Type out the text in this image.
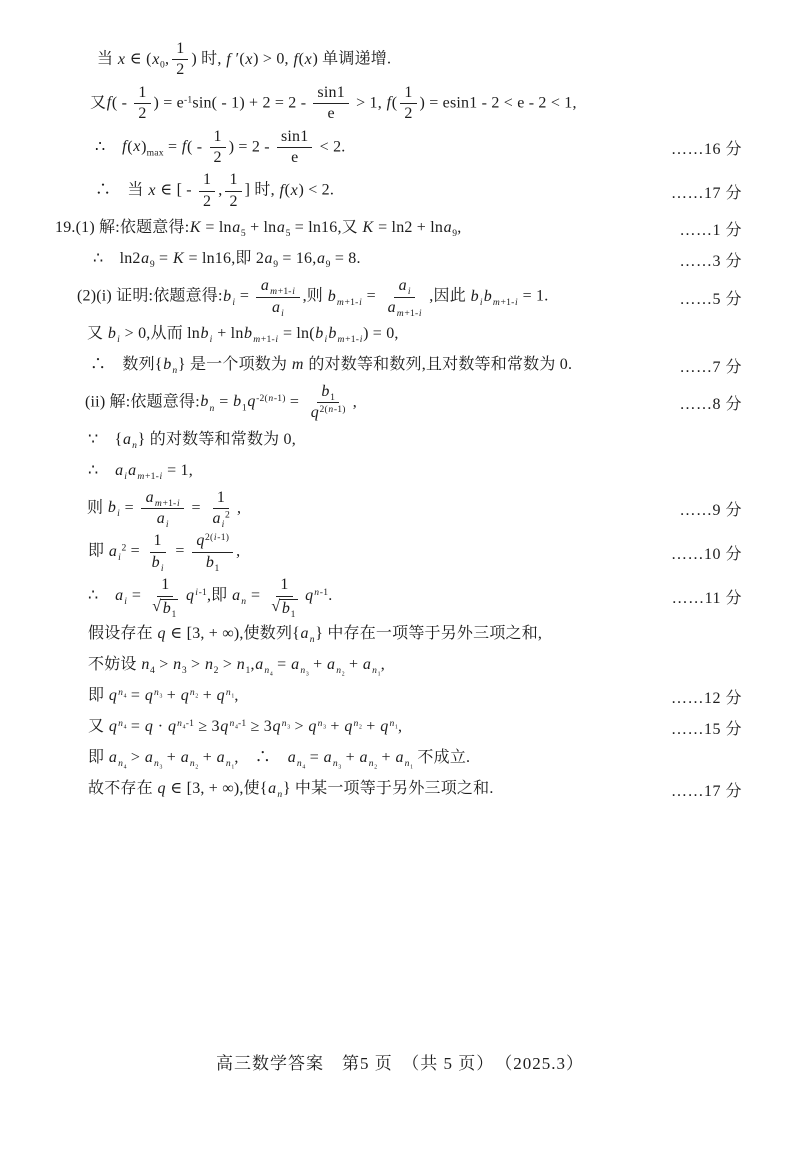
当 x ∈ ($x_0$, $\frac{1}{2}$ ) 时, f ′(x) > 0, f(x) 单调递增.
又$f( - \frac{1}{2}$ ) = $e^{-1}\sin( - 1) + 2 = 2 - \frac{\sin 1}{e} > 1$, $f( \frac{1}{2}$ ) = esin1 - 2 < e - 2 < 1,
∴　$f(x)_{max} = f( - \frac{1}{2}$ ) = $2 - \frac{\sin 1}{e} < 2$.	……16 分
∴　当 x ∈ [ - $\frac{1}{2}$ , $\frac{1}{2}$ ] 时, f(x) < 2.	……17 分
19.(1) 解:依题意得:K = lna$_5$ + lna$_5$ = ln16,又 K = ln2 + lna$_9$,	……1 分
∴　$\ln 2a_9 = K = \ln 16$,即 $2a_9 = 16,a_9 = 8$.	……3 分
(2)(i) 证明:依题意得$:b_i = \frac{a_{m+1-i}}{a_i}$ ,则 $b_{m+1-i} = \frac{a_i}{a_{m+1-i}}$ ,因此 $b_ib_{m+1-i} = 1$.	……5 分
又 $b_i > 0$,从而 $\ln b_i + \ln b_{m+1-i} = \ln(b_ib_{m+1-i}) = 0$,
∴　数列$\{b_n\}$ 是一个项数为 m 的对数等和数列,且对数等和常数为 0.	……7 分
(ii) 解:依题意得$:b_n = b_1q^{-2(n-1)} = \frac{b_1}{q^{2(n-1)}}$ ,	……8 分
∵　$\{a_n\}$ 的对数等和常数为 0,
∴　$a_ia_{m+1-i} = 1$,
则 $b_i = \frac{a_{m+1-i}}{a_i} = \frac{1}{a_i^2}$ ,	……9 分
即 $a_i^2 = \frac{1}{b_i} = \frac{q^{2(i-1)}}{b_1}$ ,	……10 分
∴　$a_i = \frac{1}{√ b_1} q^{i-1}$,即 $a_n = \frac{1}{√ b_1} q^{n-1}$.	……11 分
假设存在 q ∈ [3, + ∞),使数列$\{a_n\}$ 中存在一项等于另外三项之和,
不妨设 $n_4 > n_3 > n_2 > n_1,a_{n_4} = a_{n_3} + a_{n_2} + a_{n_1}$,
即 $q^{n_4} = q^{n_3} + q^{n_2} + q^{n_1}$,	……12 分
又 $q^{n_4} = q \cdot q^{n_4-1} \ge 3q^{n_4-1} \ge 3q^{n_3} > q^{n_3} + q^{n_2} + q^{n_1}$,	……15 分
即 $a_{n_4} > a_{n_3} + a_{n_2} + a_{n_1}$,　∴　$a_{n_4} = a_{n_3} + a_{n_2} + a_{n_1}$ 不成立.
故不存在 q ∈ [3, + ∞),使$\{a_n\}$ 中某一项等于另外三项之和.	……17 分
高三数学答案　第5 页　（共 5 页）　（2025.3）
